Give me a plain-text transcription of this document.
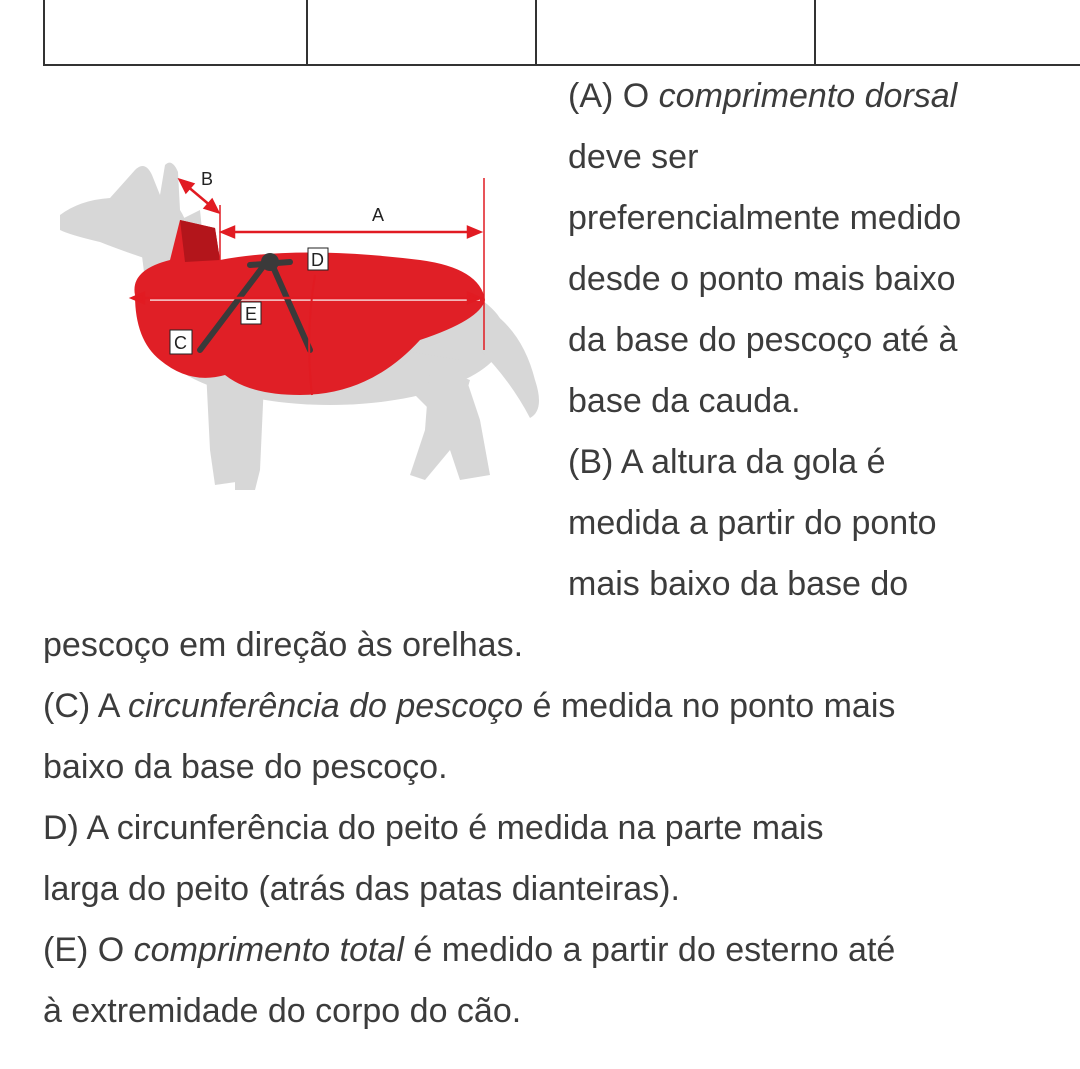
B
A
D
E
C
(A) O comprimento dorsal
deve ser
preferencialmente medido
desde o ponto mais baixo
da base do pescoço até à
base da cauda.
(B) A altura da gola é
medida a partir do ponto
mais baixo da base do
pescoço em direção às orelhas.
(C) A circunferência do pescoço é medida no ponto mais
baixo da base do pescoço.
D) A circunferência do peito é medida na parte mais
larga do peito (atrás das patas dianteiras).
(E) O comprimento total é medido a partir do esterno até
à extremidade do corpo do cão.
